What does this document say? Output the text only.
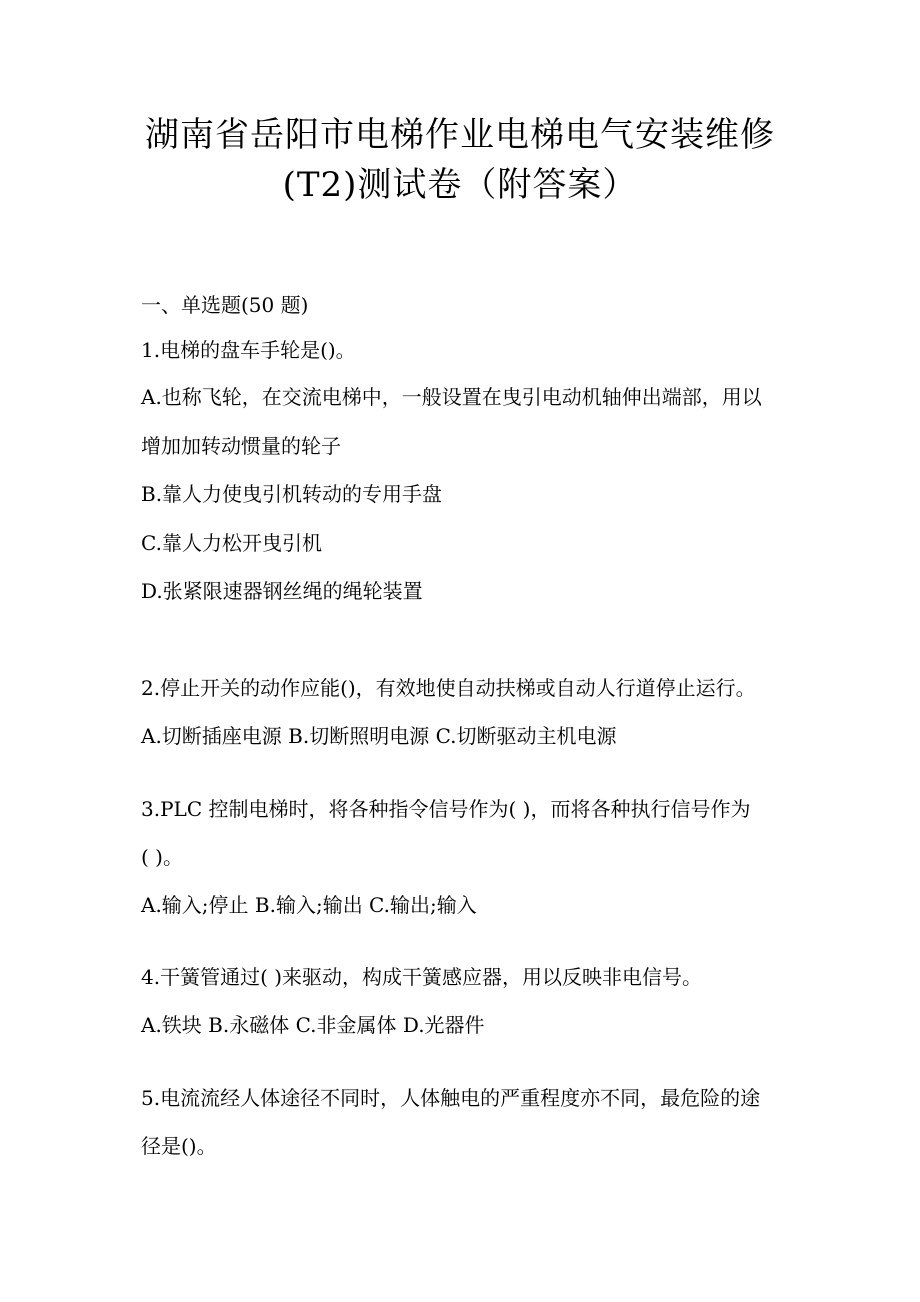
湖南省岳阳市电梯作业电梯电气安装维修
(T2)测试卷（附答案）
一、单选题(50 题)
1.电梯的盘车手轮是()。
A.也称飞轮，在交流电梯中，一般设置在曳引电动机轴伸出端部，用以
增加加转动惯量的轮子
B.靠人力使曳引机转动的专用手盘
C.靠人力松开曳引机
D.张紧限速器钢丝绳的绳轮装置
2.停止开关的动作应能()，有效地使自动扶梯或自动人行道停止运行。
A.切断插座电源 B.切断照明电源 C.切断驱动主机电源
3.PLC 控制电梯时，将各种指令信号作为( )，而将各种执行信号作为
( )。
A.输入;停止 B.输入;输出 C.输出;输入
4.干簧管通过( )来驱动，构成干簧感应器，用以反映非电信号。
A.铁块 B.永磁体 C.非金属体 D.光器件
5.电流流经人体途径不同时，人体触电的严重程度亦不同，最危险的途
径是()。
